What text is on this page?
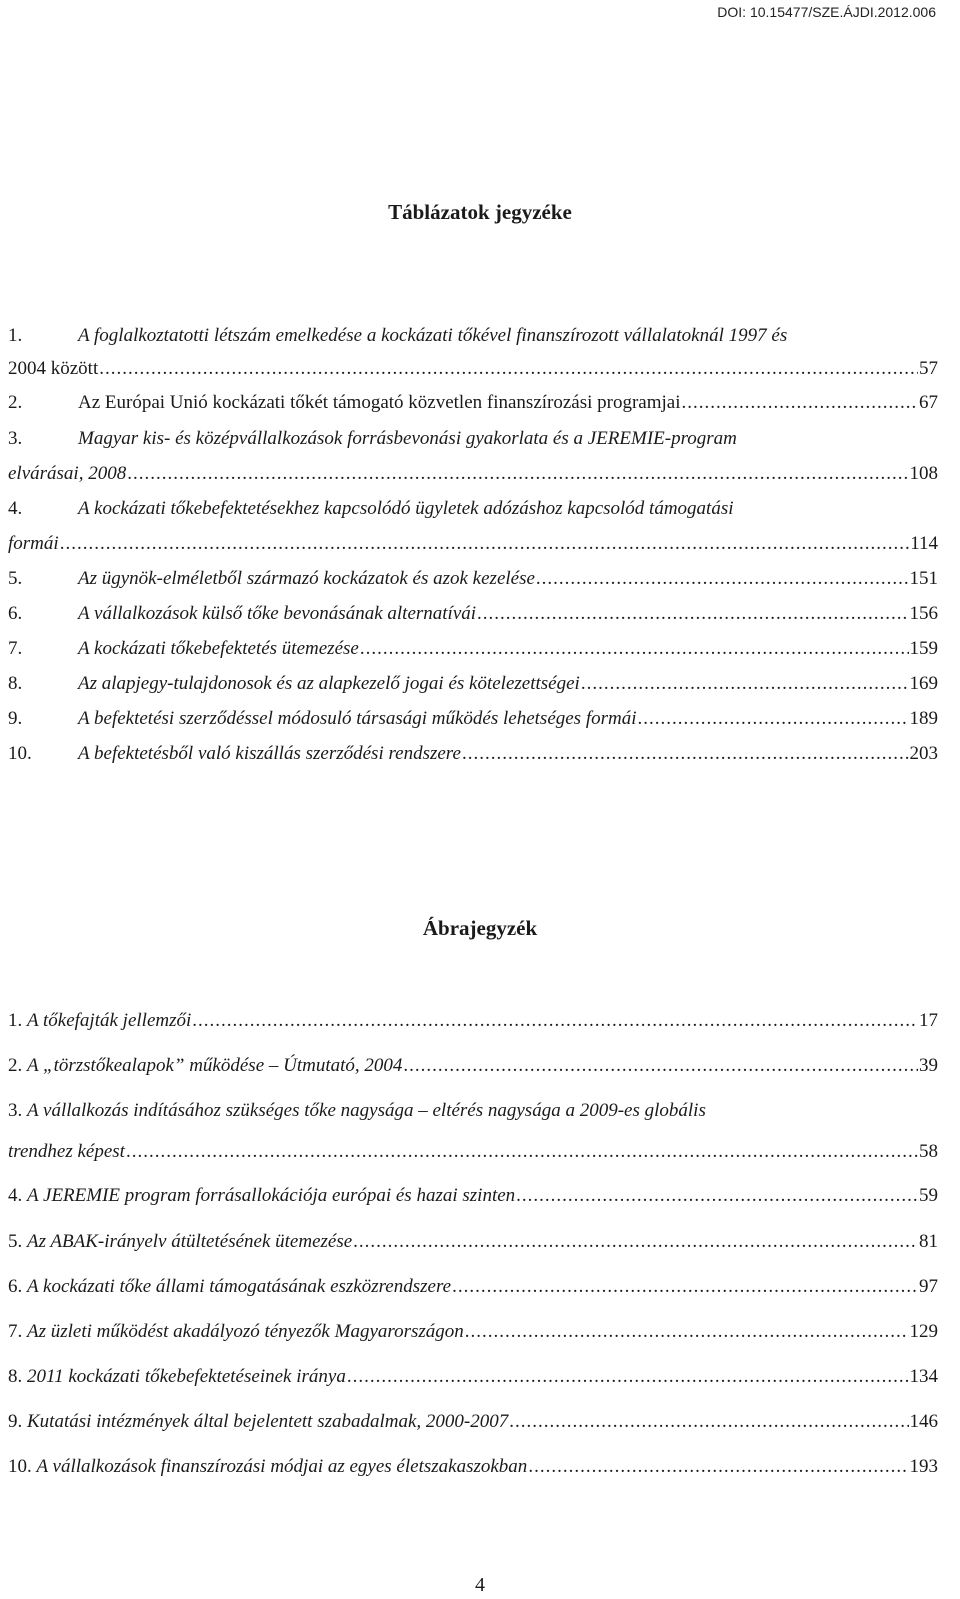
DOI: 10.15477/SZE.ÁJDI.2012.006
Táblázatok jegyzéke
1.	A foglalkoztatotti létszám emelkedése a kockázati tőkével finanszírozott vállalatoknál 1997 és
2004 között .....	57
2.	Az Európai Unió kockázati tőkét támogató közvetlen finanszírozási programjai .....	67
3.	Magyar kis- és középvállalkozások forrásbevonási gyakorlata és a JEREMIE-program
elvárásai, 2008 .....	108
4.	A kockázati tőkebefektetésekhez kapcsolódó ügyletek adózáshoz kapcsolód támogatási
formái .....	114
5.	Az ügynök-elméletből származó kockázatok és azok kezelése .....	151
6.	A vállalkozások külső tőke bevonásának alternatívái .....	156
7.	A kockázati tőkebefektetés ütemezése .....	159
8.	Az alapjegy-tulajdonosok és az alapkezelő jogai és kötelezettségei .....	169
9.	A befektetési szerződéssel módosuló társasági működés lehetséges formái .....	189
10.	A befektetésből való kiszállás szerződési rendszere .....	203
Ábrajegyzék
1.
A tőkefajták jellemzői .....	17
2.
A „törzstőkealapok” működése – Útmutató, 2004 .....	39
3.
A vállalkozás indításához szükséges tőke nagysága – eltérés nagysága a 2009-es globális
trendhez képest .....	58
4.
A JEREMIE program forrásallokációja európai és hazai szinten .....	59
5.
Az ABAK-irányelv átültetésének ütemezése .....	81
6.
A kockázati tőke állami támogatásának eszközrendszere .....	97
7.
Az üzleti működést akadályozó tényezők Magyarországon .....	129
8.
2011 kockázati tőkebefektetéseinek iránya .....	134
9.
Kutatási intézmények által bejelentett szabadalmak, 2000-2007 .....	146
10.
A vállalkozások finanszírozási módjai az egyes életszakaszokban .....	193
4
